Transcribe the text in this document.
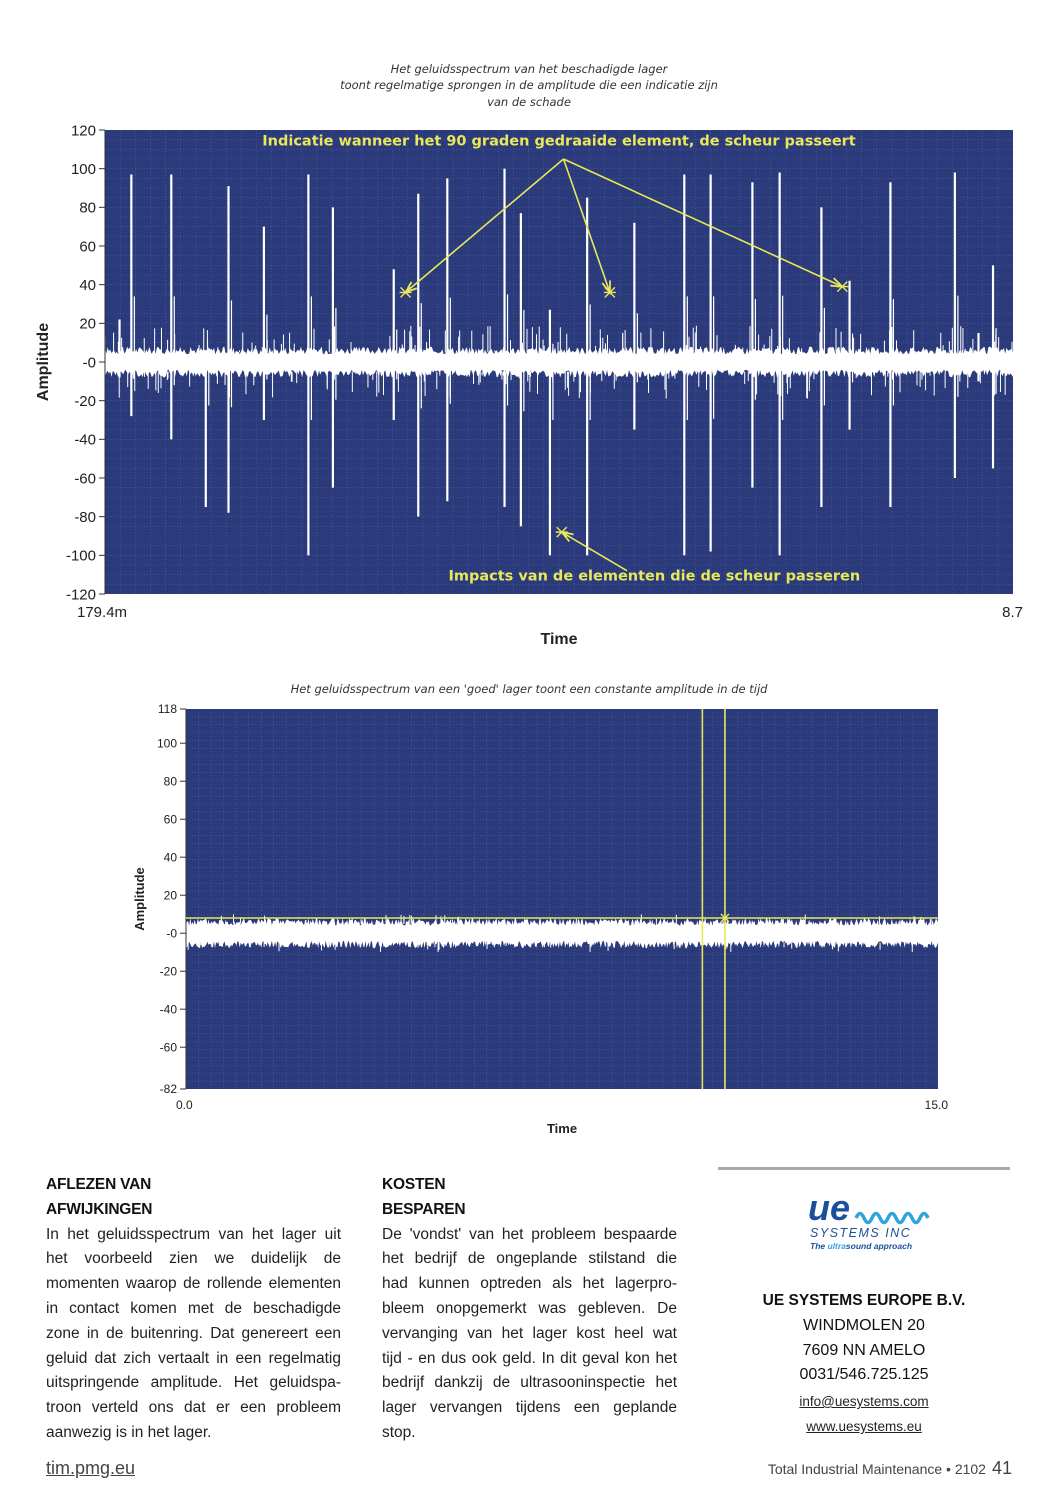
Het geluidsspectrum van het beschadigde lager
toont regelmatige sprongen in de amplitude die een indicatie zijn
van de schade
120
100
80
60
40
20
-0
-20
-40
-60
-80
-100
-120
179.4m	8.7
Time
Amplitude
Indicatie wanneer het 90 graden gedraaide element, de scheur passeert
Impacts van de elementen die de scheur passeren
Het geluidsspectrum van een 'goed' lager toont een constante amplitude in de tijd
118
100
80
60
40
20
-0
-20
-40
-60
-82
0.0	15.0
Time
Amplitude
AFLEZEN VAN
AFWIJKINGEN

In het geluidsspectrum van het lager uit
het voorbeeld zien we duidelijk de
momenten waarop de rollende elementen
in contact komen met de beschadigde
zone in de buitenring. Dat genereert een
geluid dat zich vertaalt in een regelmatig
uitspringende amplitude. Het geluidspa-
troon verteld ons dat er een probleem
aanwezig is in het lager.

KOSTEN
BESPAREN

De 'vondst' van het probleem bespaarde
het bedrijf de ongeplande stilstand die
had kunnen optreden als het lagerpro-
bleem onopgemerkt was gebleven. De
vervanging van het lager kost heel wat
tijd - en dus ook geld. In dit geval kon het
bedrijf dankzij de ultrasooninspectie het
lager vervangen tijdens een geplande
stop.

ue
SYSTEMS INC
The ultrasound approach
UE SYSTEMS EUROPE B.V.
WINDMOLEN 20
7609 NN AMELO
0031/546.725.125
info@uesystems.com
www.uesystems.eu
tim.pmg.eu	Total Industrial Maintenance • 2102 41
